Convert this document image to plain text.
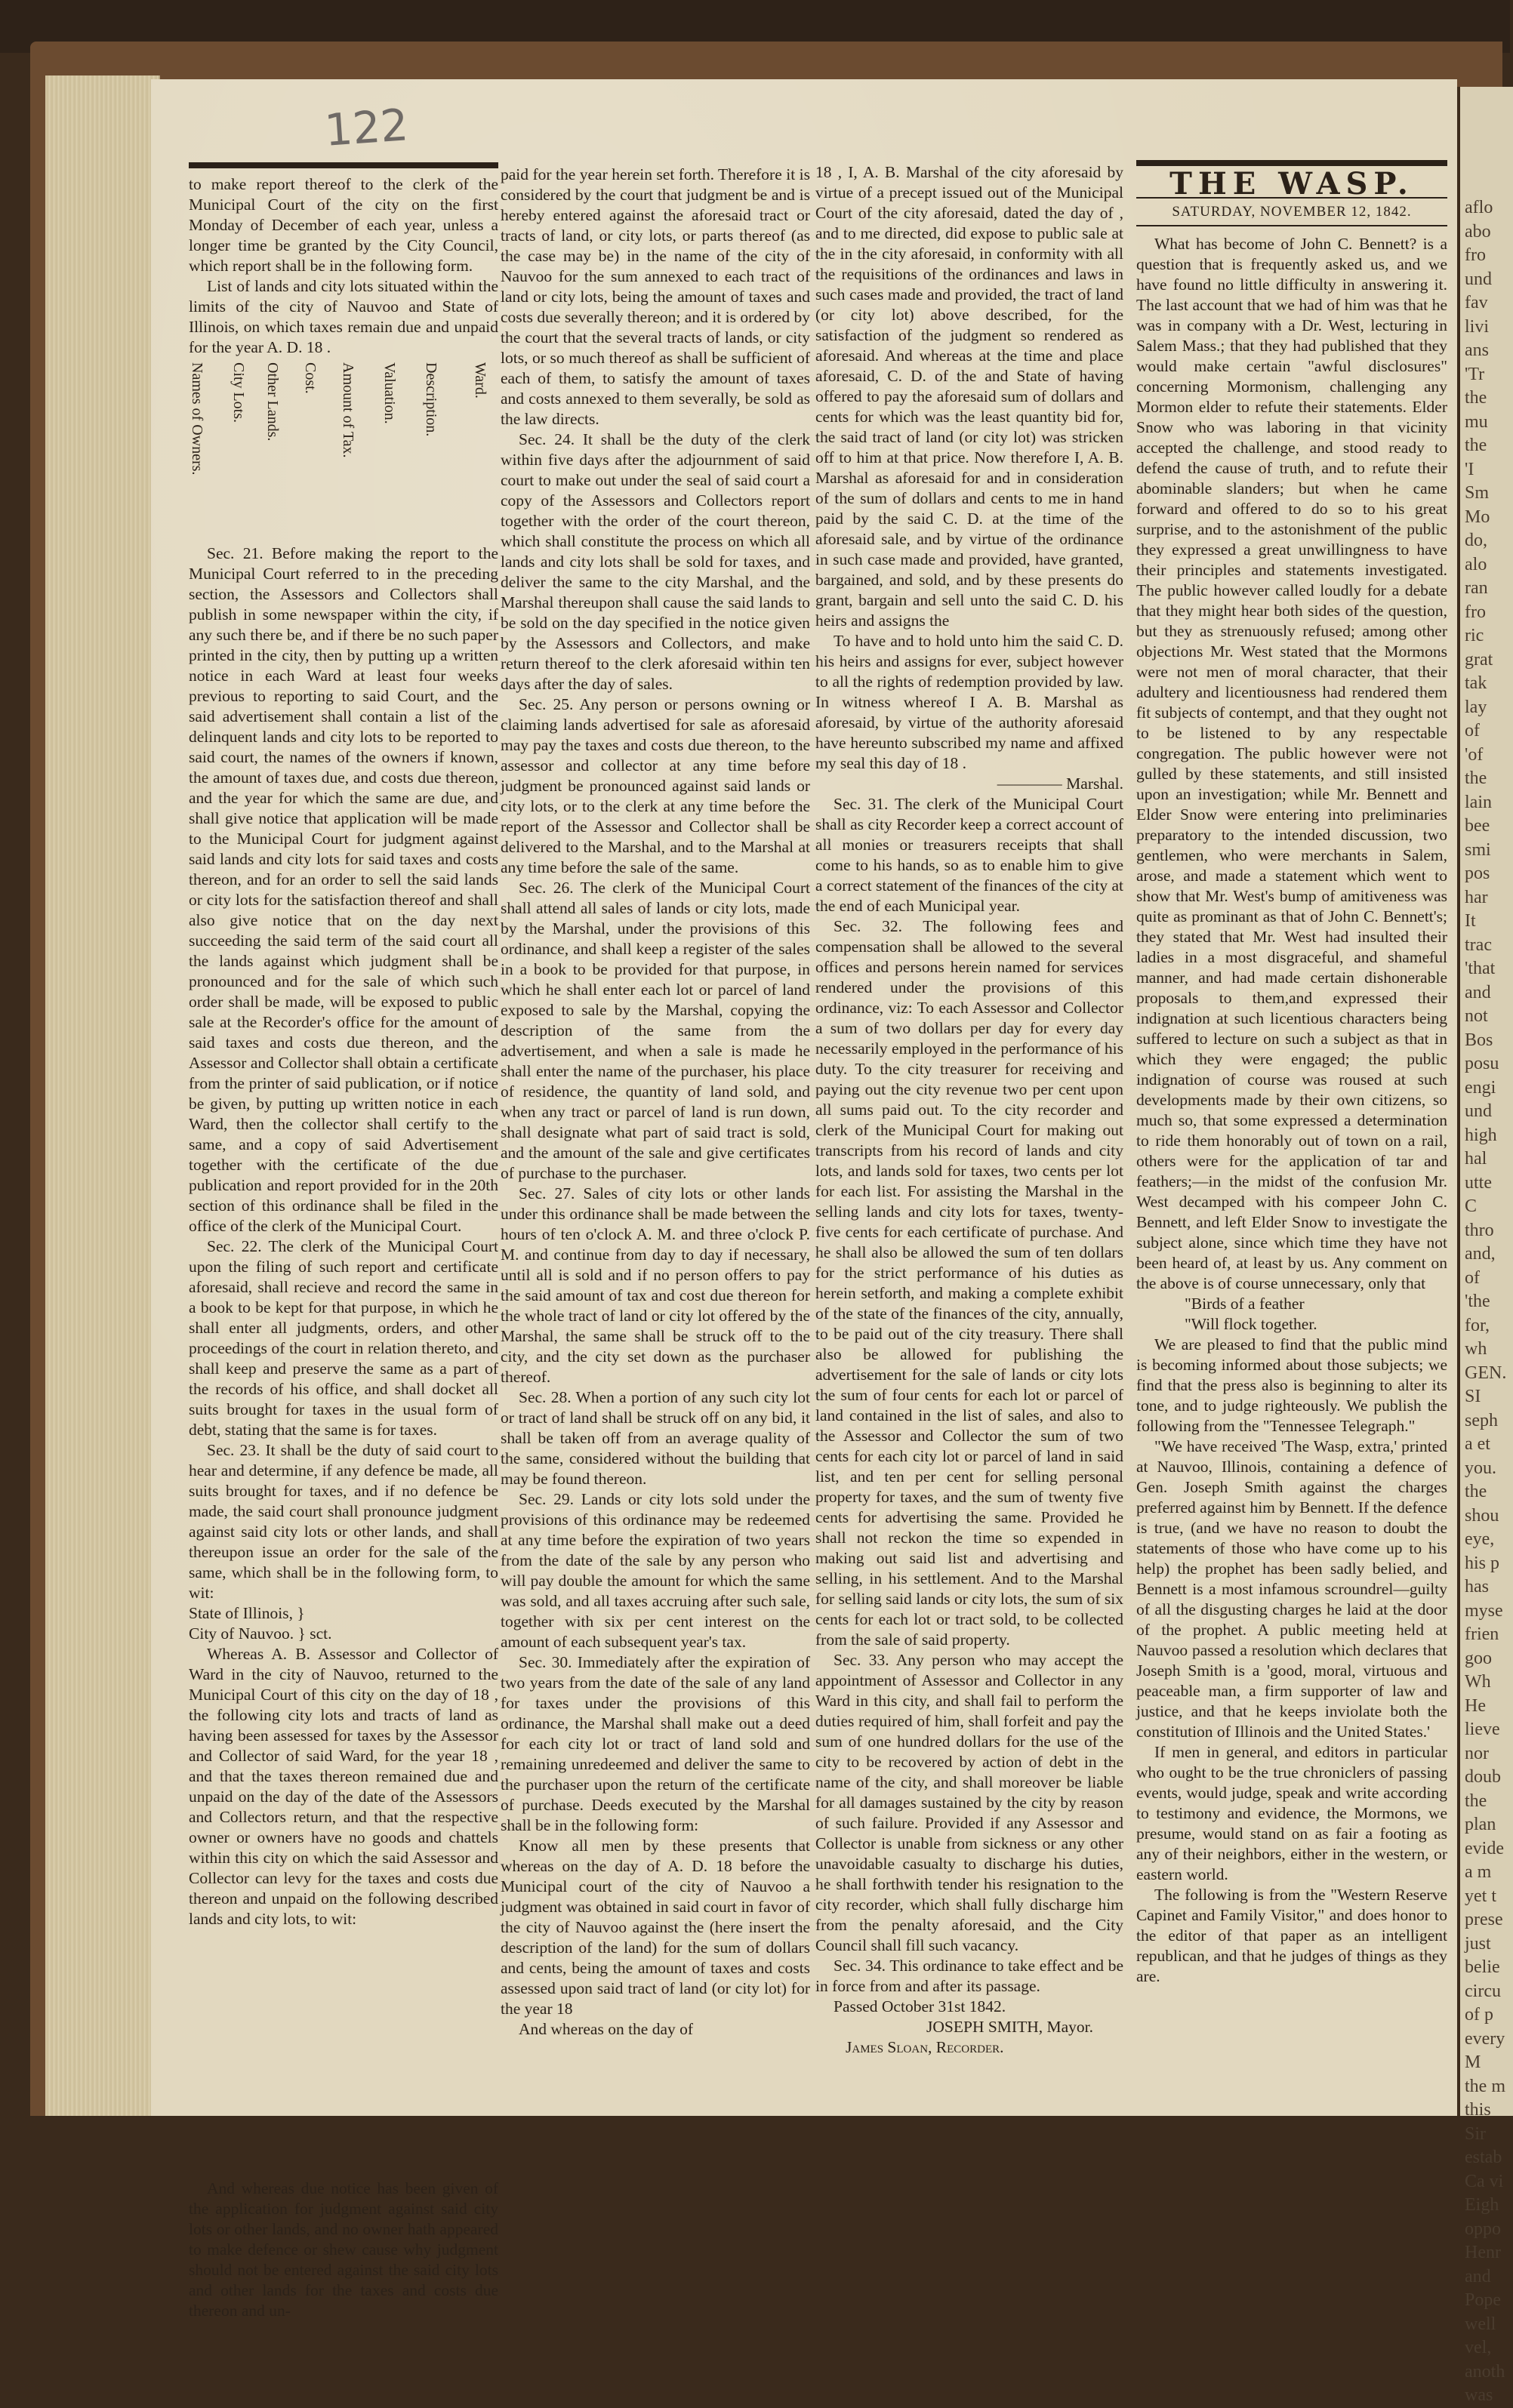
122

to make report thereof to the clerk of the Municipal Court of the city on the first Monday of December of each year, unless a longer time be granted by the City Council, which report shall be in the following form.

List of lands and city lots situated within the limits of the city of Nauvoo and State of Illinois, on which taxes remain due and unpaid for the year A. D. 18 .

Names of Owners. City Lots. Other Lands. Cost. Amount of Tax. Valuation. Description. Ward.

Sec. 21. Before making the report to the Municipal Court referred to in the preceding section, the Assessors and Collectors shall publish in some newspaper within the city, if any such there be, and if there be no such paper printed in the city, then by putting up a written notice in each Ward at least four weeks previous to reporting to said Court, and the said advertisement shall contain a list of the delinquent lands and city lots to be reported to said court, the names of the owners if known, the amount of taxes due, and costs due thereon, and the year for which the same are due, and shall give notice that application will be made to the Municipal Court for judgment against said lands and city lots for said taxes and costs thereon, and for an order to sell the said lands or city lots for the satisfaction thereof and shall also give notice that on the day next succeeding the said term of the said court all the lands against which judgment shall be pronounced and for the sale of which such order shall be made, will be exposed to public sale at the Recorder's office for the amount of said taxes and costs due thereon, and the Assessor and Collector shall obtain a certificate from the printer of said publication, or if notice be given, by putting up written notice in each Ward, then the collector shall certify to the same, and a copy of said Advertisement together with the certificate of the due publication and report provided for in the 20th section of this ordinance shall be filed in the office of the clerk of the Municipal Court.

Sec. 22. The clerk of the Municipal Court upon the filing of such report and certificate aforesaid, shall recieve and record the same in a book to be kept for that purpose, in which he shall enter all judgments, orders, and other proceedings of the court in relation thereto, and shall keep and preserve the same as a part of the records of his office, and shall docket all suits brought for taxes in the usual form of debt, stating that the same is for taxes.

Sec. 23. It shall be the duty of said court to hear and determine, if any defence be made, all suits brought for taxes, and if no defence be made, the said court shall pronounce judgment against said city lots or other lands, and shall thereupon issue an order for the sale of the same, which shall be in the following form, to wit:

State of Illinois, }

City of Nauvoo. } sct.

Whereas A. B. Assessor and Collector of Ward in the city of Nauvoo, returned to the Municipal Court of this city on the day of 18 , the following city lots and tracts of land as having been assessed for taxes by the Assessor and Collector of said Ward, for the year 18 , and that the taxes thereon remained due and unpaid on the day of the date of the Assessors and Collectors return, and that the respective owner or owners have no goods and chattels within this city on which the said Assessor and Collector can levy for the taxes and costs due thereon and unpaid on the following described lands and city lots, to wit:

And whereas due notice has been given of the application for judgment against said city lots or other lands, and no owner hath appeared to make defence or shew cause why judgment should not be entered against the said city lots and other lands for the taxes and costs due thereon and un-

paid for the year herein set forth. Therefore it is considered by the court that judgment be and is hereby entered against the aforesaid tract or tracts of land, or city lots, or parts thereof (as the case may be) in the name of the city of Nauvoo for the sum annexed to each tract of land or city lots, being the amount of taxes and costs due severally thereon; and it is ordered by the court that the several tracts of lands, or city lots, or so much thereof as shall be sufficient of each of them, to satisfy the amount of taxes and costs annexed to them severally, be sold as the law directs.

Sec. 24. It shall be the duty of the clerk within five days after the adjournment of said court to make out under the seal of said court a copy of the Assessors and Collectors report together with the order of the court thereon, which shall constitute the process on which all lands and city lots shall be sold for taxes, and deliver the same to the city Marshal, and the Marshal thereupon shall cause the said lands to be sold on the day specified in the notice given by the Assessors and Collectors, and make return thereof to the clerk aforesaid within ten days after the day of sales.

Sec. 25. Any person or persons owning or claiming lands advertised for sale as aforesaid may pay the taxes and costs due thereon, to the assessor and collector at any time before judgment be pronounced against said lands or city lots, or to the clerk at any time before the report of the Assessor and Collector shall be delivered to the Marshal, and to the Marshal at any time before the sale of the same.

Sec. 26. The clerk of the Municipal Court shall attend all sales of lands or city lots, made by the Marshal, under the provisions of this ordinance, and shall keep a register of the sales in a book to be provided for that purpose, in which he shall enter each lot or parcel of land exposed to sale by the Marshal, copying the description of the same from the advertisement, and when a sale is made he shall enter the name of the purchaser, his place of residence, the quantity of land sold, and when any tract or parcel of land is run down, shall designate what part of said tract is sold, and the amount of the sale and give certificates of purchase to the purchaser.

Sec. 27. Sales of city lots or other lands under this ordinance shall be made between the hours of ten o'clock A. M. and three o'clock P. M. and continue from day to day if necessary, until all is sold and if no person offers to pay the said amount of tax and cost due thereon for the whole tract of land or city lot offered by the Marshal, the same shall be struck off to the city, and the city set down as the purchaser thereof.

Sec. 28. When a portion of any such city lot or tract of land shall be struck off on any bid, it shall be taken off from an average quality of the same, considered without the building that may be found thereon.

Sec. 29. Lands or city lots sold under the provisions of this ordinance may be redeemed at any time before the expiration of two years from the date of the sale by any person who will pay double the amount for which the same was sold, and all taxes accruing after such sale, together with six per cent interest on the amount of each subsequent year's tax.

Sec. 30. Immediately after the expiration of two years from the date of the sale of any land for taxes under the provisions of this ordinance, the Marshal shall make out a deed for each city lot or tract of land sold and remaining unredeemed and deliver the same to the purchaser upon the return of the certificate of purchase. Deeds executed by the Marshal shall be in the following form:

Know all men by these presents that whereas on the day of A. D. 18 before the Municipal court of the city of Nauvoo a judgment was obtained in said court in favor of the city of Nauvoo against the (here insert the description of the land) for the sum of dollars and cents, being the amount of taxes and costs assessed upon said tract of land (or city lot) for the year 18

And whereas on the day of

18 , I, A. B. Marshal of the city aforesaid by virtue of a precept issued out of the Municipal Court of the city aforesaid, dated the day of , and to me directed, did expose to public sale at the in the city aforesaid, in conformity with all the requisitions of the ordinances and laws in such cases made and provided, the tract of land (or city lot) above described, for the satisfaction of the judgment so rendered as aforesaid. And whereas at the time and place aforesaid, C. D. of the and State of having offered to pay the aforesaid sum of dollars and cents for which was the least quantity bid for, the said tract of land (or city lot) was stricken off to him at that price. Now therefore I, A. B. Marshal as aforesaid for and in consideration of the sum of dollars and cents to me in hand paid by the said C. D. at the time of the aforesaid sale, and by virtue of the ordinance in such case made and provided, have granted, bargained, and sold, and by these presents do grant, bargain and sell unto the said C. D. his heirs and assigns the

To have and to hold unto him the said C. D. his heirs and assigns for ever, subject however to all the rights of redemption provided by law. In witness whereof I A. B. Marshal as aforesaid, by virtue of the authority aforesaid have hereunto subscribed my name and affixed my seal this day of 18 .

———— Marshal.

Sec. 31. The clerk of the Municipal Court shall as city Recorder keep a correct account of all monies or treasurers receipts that shall come to his hands, so as to enable him to give a correct statement of the finances of the city at the end of each Municipal year.

Sec. 32. The following fees and compensation shall be allowed to the several offices and persons herein named for services rendered under the provisions of this ordinance, viz: To each Assessor and Collector a sum of two dollars per day for every day necessarily employed in the performance of his duty. To the city treasurer for receiving and paying out the city revenue two per cent upon all sums paid out. To the city recorder and clerk of the Municipal Court for making out transcripts from his record of lands and city lots, and lands sold for taxes, two cents per lot for each list. For assisting the Marshal in the selling lands and city lots for taxes, twenty-five cents for each certificate of purchase. And he shall also be allowed the sum of ten dollars for the strict performance of his duties as herein setforth, and making a complete exhibit of the state of the finances of the city, annually, to be paid out of the city treasury. There shall also be allowed for publishing the advertisement for the sale of lands or city lots the sum of four cents for each lot or parcel of land contained in the list of sales, and also to the Assessor and Collector the sum of two cents for each city lot or parcel of land in said list, and ten per cent for selling personal property for taxes, and the sum of twenty five cents for advertising the same. Provided he shall not reckon the time so expended in making out said list and advertising and selling, in his settlement. And to the Marshal for selling said lands or city lots, the sum of six cents for each lot or tract sold, to be collected from the sale of said property.

Sec. 33. Any person who may accept the appointment of Assessor and Collector in any Ward in this city, and shall fail to perform the duties required of him, shall forfeit and pay the sum of one hundred dollars for the use of the city to be recovered by action of debt in the name of the city, and shall moreover be liable for all damages sustained by the city by reason of such failure. Provided if any Assessor and Collector is unable from sickness or any other unavoidable casualty to discharge his duties, he shall forthwith tender his resignation to the city recorder, which shall fully discharge him from the penalty aforesaid, and the City Council shall fill such vacancy.

Sec. 34. This ordinance to take effect and be in force from and after its passage.

Passed October 31st 1842.

JOSEPH SMITH, Mayor.

James Sloan, Recorder.

THE WASP.
SATURDAY, NOVEMBER 12, 1842.

What has become of John C. Bennett? is a question that is frequently asked us, and we have found no little difficulty in answering it. The last account that we had of him was that he was in company with a Dr. West, lecturing in Salem Mass.; that they had published that they would make certain "awful disclosures" concerning Mormonism, challenging any Mormon elder to refute their statements. Elder Snow who was laboring in that vicinity accepted the challenge, and stood ready to defend the cause of truth, and to refute their abominable slanders; but when he came forward and offered to do so to his great surprise, and to the astonishment of the public they expressed a great unwillingness to have their principles and statements investigated. The public however called loudly for a debate that they might hear both sides of the question, but they as strenuously refused; among other objections Mr. West stated that the Mormons were not men of moral character, that their adultery and licentiousness had rendered them fit subjects of contempt, and that they ought not to be listened to by any respectable congregation. The public however were not gulled by these statements, and still insisted upon an investigation; while Mr. Bennett and Elder Snow were entering into preliminaries preparatory to the intended discussion, two gentlemen, who were merchants in Salem, arose, and made a statement which went to show that Mr. West's bump of amitiveness was quite as prominant as that of John C. Bennett's; they stated that Mr. West had insulted their ladies in a most disgraceful, and shameful manner, and had made certain dishonerable proposals to them,and expressed their indignation at such licentious characters being suffered to lecture on such a subject as that in which they were engaged; the public indignation of course was roused at such developments made by their own citizens, so much so, that some expressed a determination to ride them honorably out of town on a rail, others were for the application of tar and feathers;—in the midst of the confusion Mr. West decamped with his compeer John C. Bennett, and left Elder Snow to investigate the subject alone, since which time they have not been heard of, at least by us. Any comment on the above is of course unnecessary, only that

"Birds of a feather

"Will flock together.

We are pleased to find that the public mind is becoming informed about those subjects; we find that the press also is beginning to alter its tone, and to judge righteously. We publish the following from the "Tennessee Telegraph."

"We have received 'The Wasp, extra,' printed at Nauvoo, Illinois, containing a defence of Gen. Joseph Smith against the charges preferred against him by Bennett. If the defence is true, (and we have no reason to doubt the statements of those who have come up to his help) the prophet has been sadly belied, and Bennett is a most infamous scroundrel—guilty of all the disgusting charges he laid at the door of the prophet. A public meeting held at Nauvoo passed a resolution which declares that Joseph Smith is a 'good, moral, virtuous and peaceable man, a firm supporter of law and justice, and that he keeps inviolate both the constitution of Illinois and the United States.'

If men in general, and editors in particular who ought to be the true chroniclers of passing events, would judge, speak and write according to testimony and evidence, the Mormons, we presume, would stand on as fair a footing as any of their neighbors, either in the western, or eastern world.

The following is from the "Western Reserve Capinet and Family Visitor," and does honor to the editor of that paper as an intelligent republican, and that he judges of things as they are.

aflo
abo
fro
und
fav
livi
ans
'Tr
the
mu
the
'I
Sm
Mo
do,
alo
ran
fro
ric
grat
tak
lay
of
'of
the
lain
bee
smi
pos
har
It
trac
'that
and
not
Bos
posu
engi
und
high
hal
utte
C
thro
and,
of
'the
for,
wh
GEN.
SI
seph
a et
you.
the
shou
eye,
his p
has
myse
frien
goo
Wh
He
lieve
nor
doub
the
plan
evide
a m
yet t
prese
just
belie
circu
of p
every
M
the m
this
Sir
estab
Ca vi
Eigh
oppo
Henr
and
Pope
well
vel,
anoth
was
